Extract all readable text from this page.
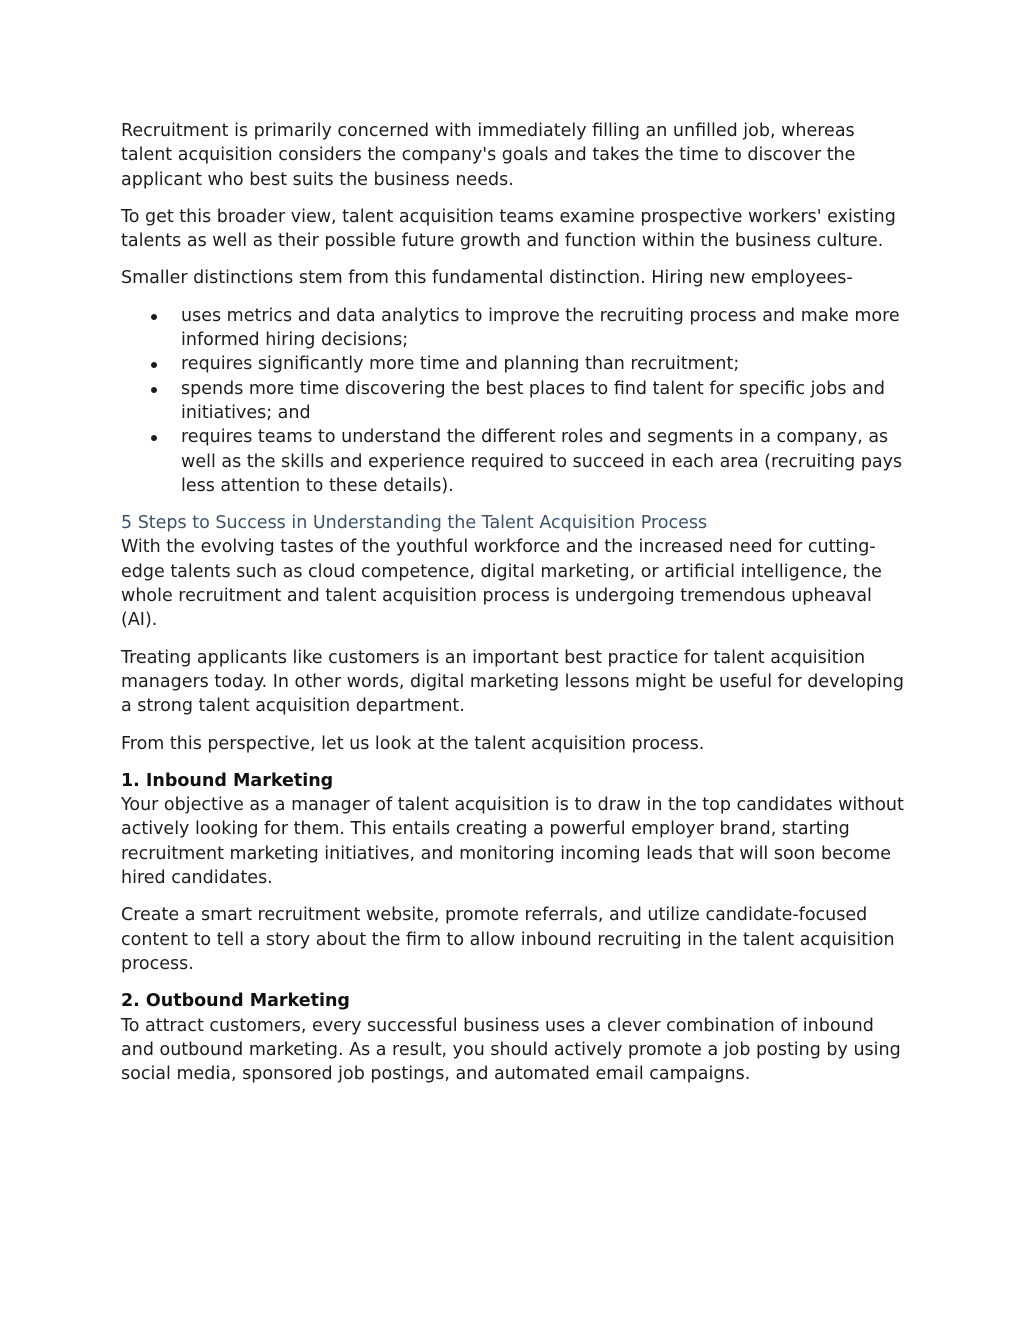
Recruitment is primarily concerned with immediately filling an unfilled job, whereas talent acquisition considers the company's goals and takes the time to discover the applicant who best suits the business needs.

To get this broader view, talent acquisition teams examine prospective workers' existing talents as well as their possible future growth and function within the business culture.

Smaller distinctions stem from this fundamental distinction. Hiring new employees-

uses metrics and data analytics to improve the recruiting process and make more informed hiring decisions;
requires significantly more time and planning than recruitment;
spends more time discovering the best places to find talent for specific jobs and initiatives; and
requires teams to understand the different roles and segments in a company, as well as the skills and experience required to succeed in each area (recruiting pays less attention to these details).
5 Steps to Success in Understanding the Talent Acquisition Process

With the evolving tastes of the youthful workforce and the increased need for cutting-edge talents such as cloud competence, digital marketing, or artificial intelligence, the whole recruitment and talent acquisition process is undergoing tremendous upheaval (AI).

Treating applicants like customers is an important best practice for talent acquisition managers today. In other words, digital marketing lessons might be useful for developing a strong talent acquisition department.

From this perspective, let us look at the talent acquisition process.

1. Inbound Marketing

Your objective as a manager of talent acquisition is to draw in the top candidates without actively looking for them. This entails creating a powerful employer brand, starting recruitment marketing initiatives, and monitoring incoming leads that will soon become hired candidates.

Create a smart recruitment website, promote referrals, and utilize candidate-focused content to tell a story about the firm to allow inbound recruiting in the talent acquisition process.

2. Outbound Marketing

To attract customers, every successful business uses a clever combination of inbound and outbound marketing. As a result, you should actively promote a job posting by using social media, sponsored job postings, and automated email campaigns.
